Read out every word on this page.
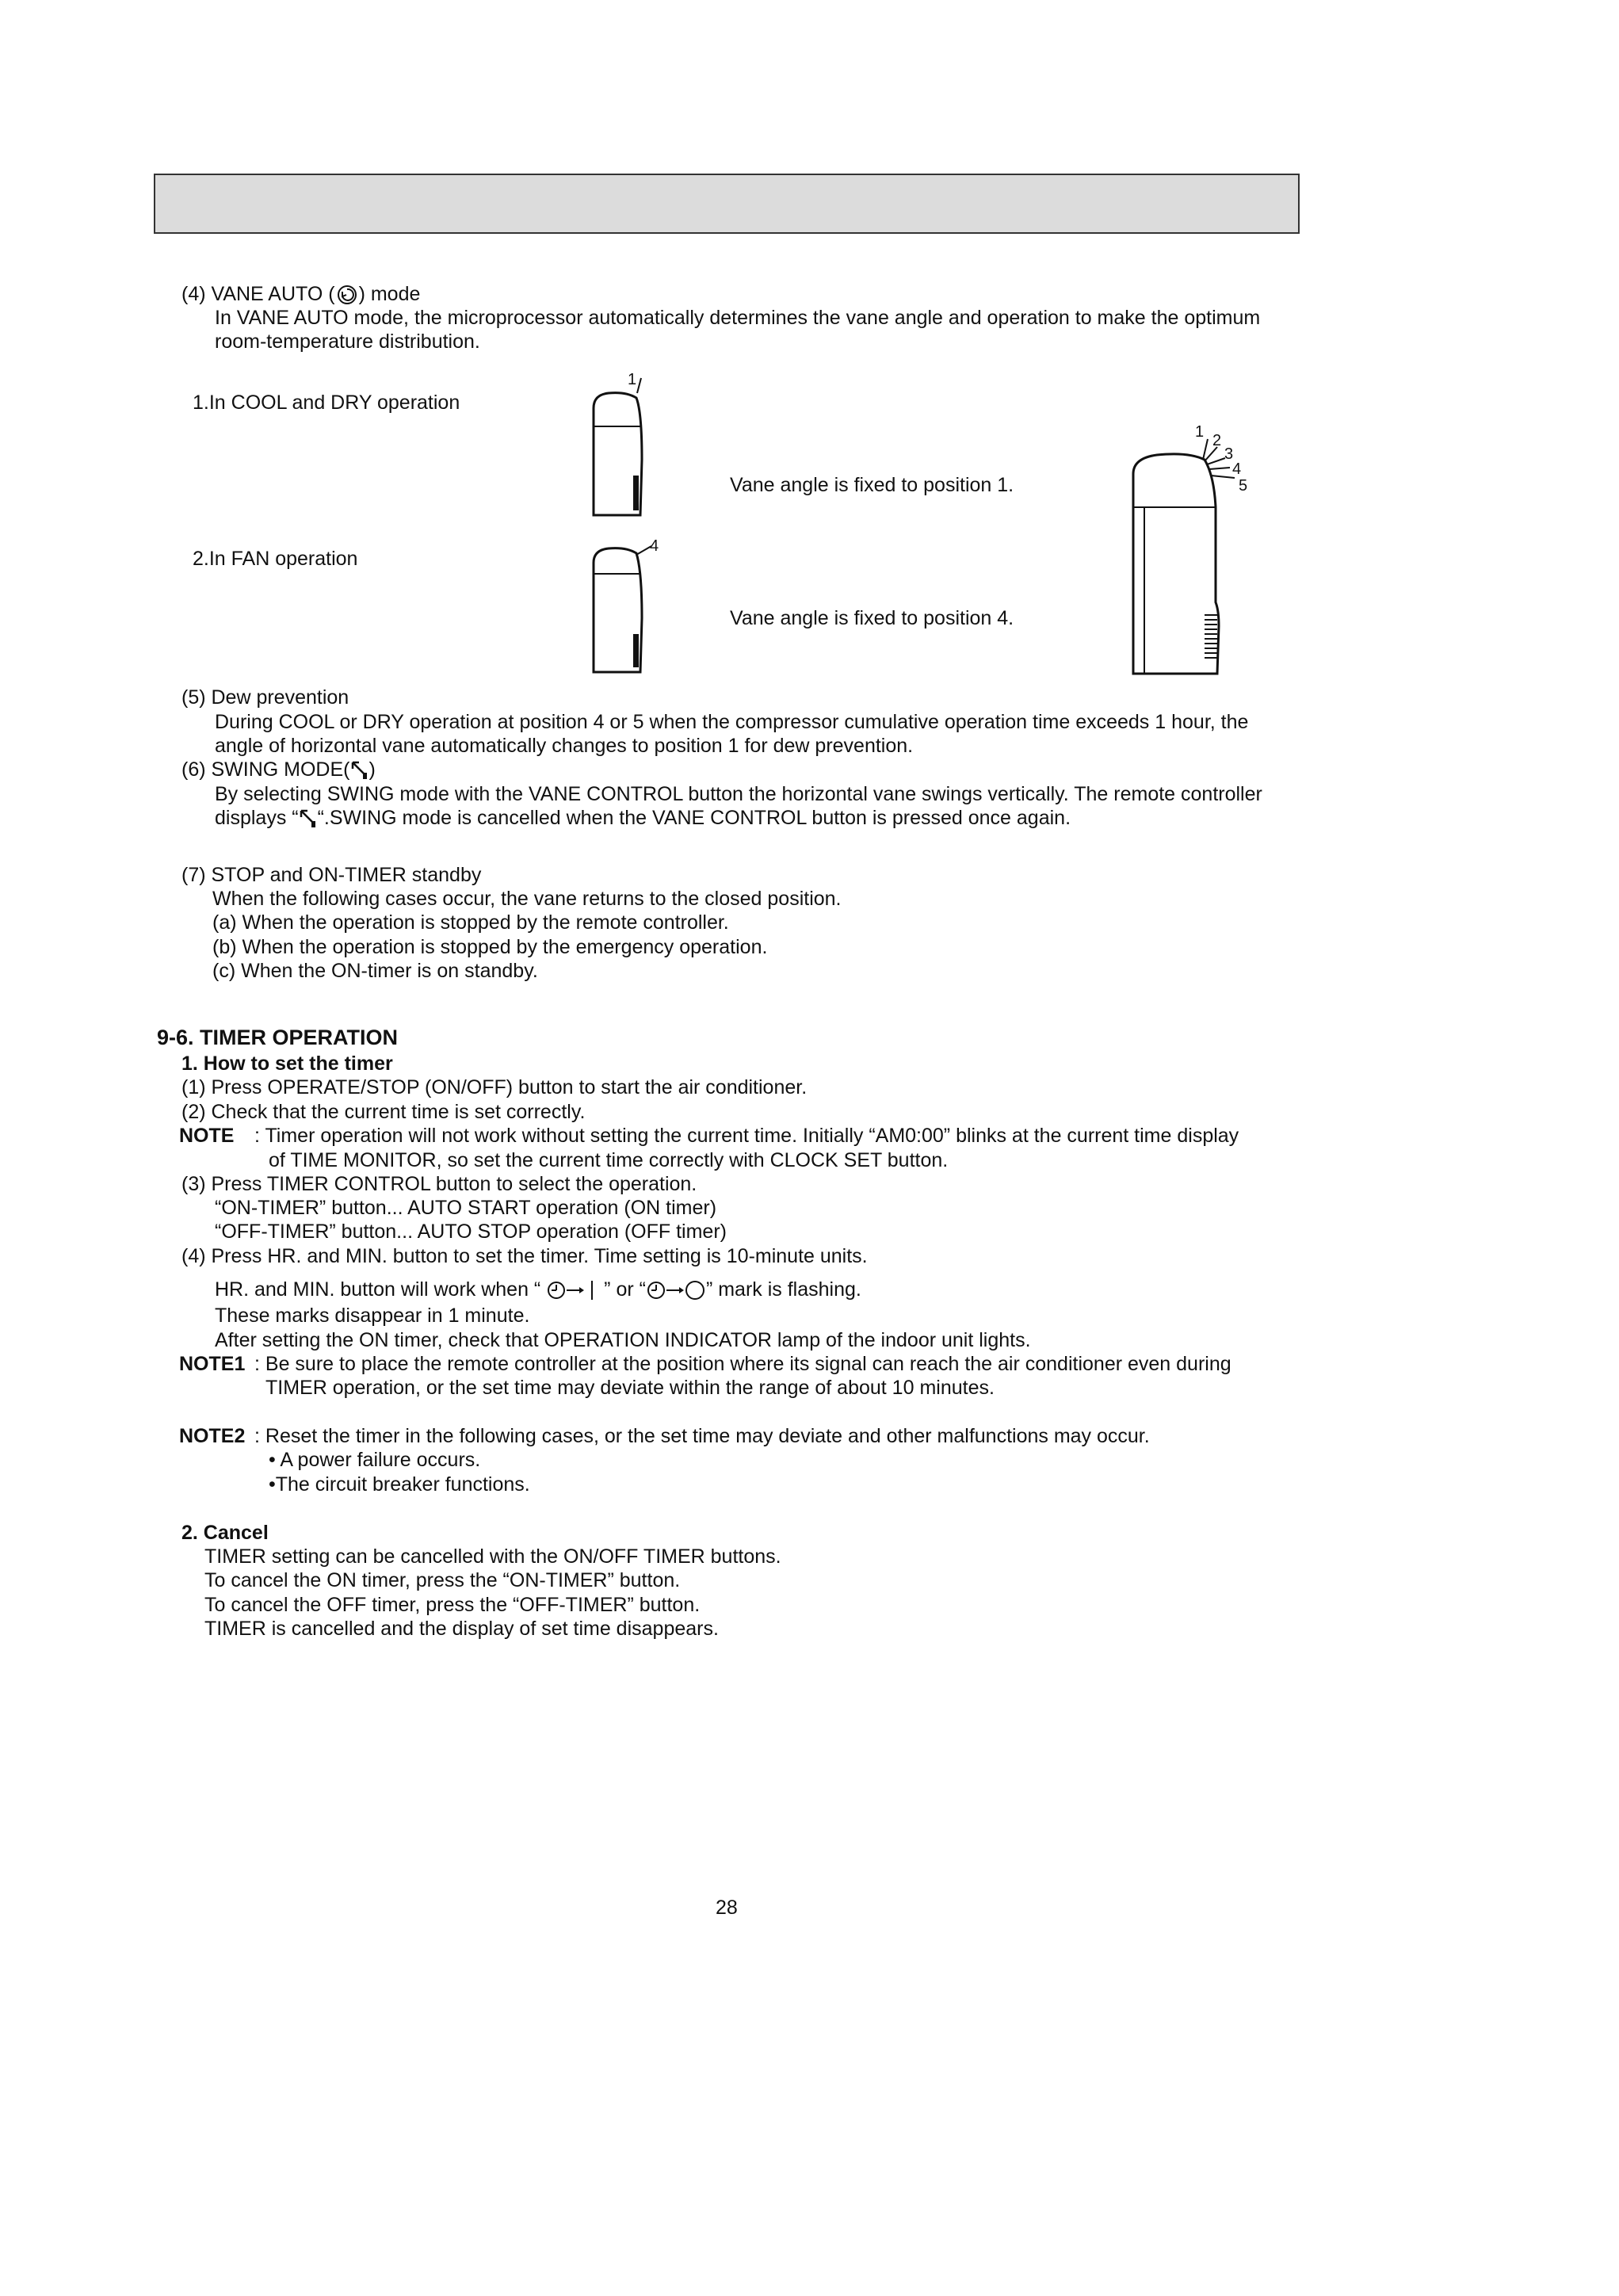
(4) VANE AUTO ( ) mode
In VANE AUTO mode, the microprocessor automatically determines the vane angle and operation to make the optimum
room-temperature distribution.
1.In COOL and DRY operation
2.In FAN operation
Vane angle is fixed to position 1.
Vane angle is fixed to position 4.
1
4
1 2
3
4
5
(5) Dew prevention
During COOL or DRY operation at position 4 or 5 when the compressor cumulative operation time exceeds 1 hour, the
angle of horizontal vane automatically changes to position 1 for dew prevention.
(6) SWING MODE( )
By selecting SWING mode with the VANE CONTROL button the horizontal vane swings vertically. The remote controller
displays “ “.SWING mode is cancelled when the VANE CONTROL button is pressed once again.
(7) STOP and ON-TIMER standby
When the following cases occur, the vane returns to the closed position.
(a) When the operation is stopped by the remote controller.
(b) When the operation is stopped by the emergency operation.
(c) When the ON-timer is on standby.
9-6. TIMER OPERATION
1. How to set the timer
(1) Press OPERATE/STOP (ON/OFF) button to start the air conditioner.
(2) Check that the current time is set correctly.
NOTE : Timer operation will not work without setting the current time. Initially “AM0:00” blinks at the current time display
of TIME MONITOR, so set the current time correctly with CLOCK SET button.
(3) Press TIMER CONTROL button to select the operation.
“ON-TIMER” button... AUTO START operation (ON timer)
“OFF-TIMER” button... AUTO STOP operation (OFF timer)
(4) Press HR. and MIN. button to set the timer. Time setting is 10-minute units.
HR. and MIN. button will work when “	” or “	” mark is flashing.
These marks disappear in 1 minute.
After setting the ON timer, check that OPERATION INDICATOR lamp of the indoor unit lights.
NOTE1 : Be sure to place the remote controller at the position where its signal can reach the air conditioner even during
TIMER operation, or the set time may deviate within the range of about 10 minutes.
NOTE2 : Reset the timer in the following cases, or the set time may deviate and other malfunctions may occur.
• A power failure occurs.
•The circuit breaker functions.
2. Cancel
TIMER setting can be cancelled with the ON/OFF TIMER buttons.
To cancel the ON timer, press the “ON-TIMER” button.
To cancel the OFF timer, press the “OFF-TIMER” button.
TIMER is cancelled and the display of set time disappears.
28
